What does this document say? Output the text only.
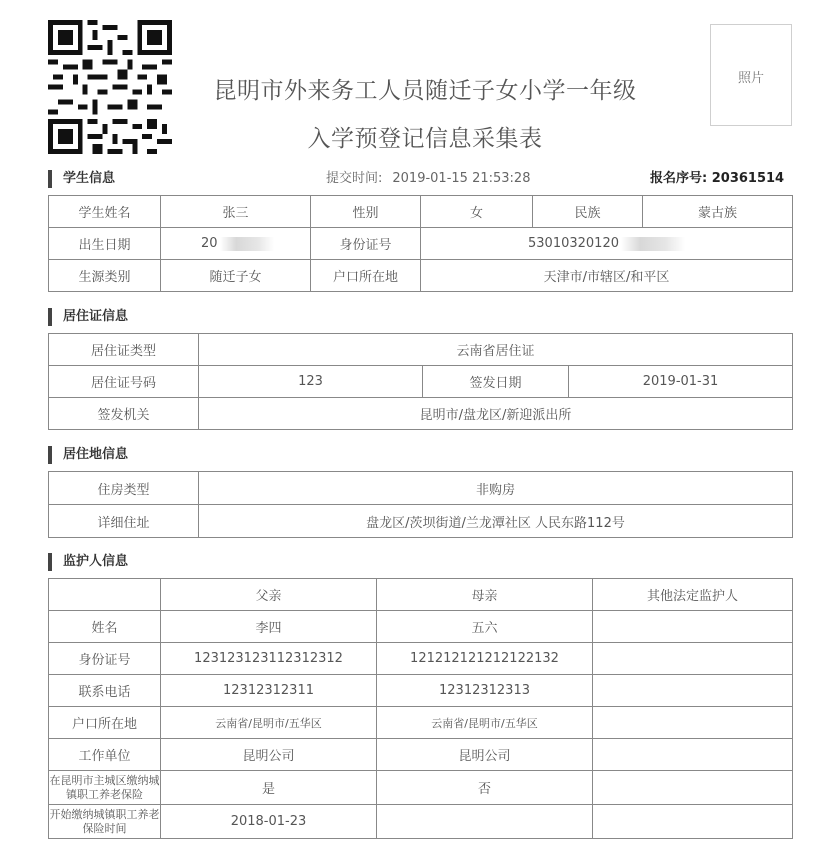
昆明市外来务工人员随迁子女小学一年级
入学预登记信息采集表
照片
学生信息	提交时间: 2019-01-15 21:53:28	报名序号: 20361514
学生姓名	张三	性别	女	民族	蒙古族
出生日期	20	身份证号	53010320120		
生源类别	随迁子女	户口所在地	天津市/市辖区/和平区		
居住证信息
居住证类型	云南省居住证		
居住证号码	123	签发日期	2019-01-31
签发机关	昆明市/盘龙区/新迎派出所		
居住地信息
住房类型	非购房
详细住址	盘龙区/茨坝街道/兰龙潭社区 人民东路112号
监护人信息
	父亲	母亲	其他法定监护人
姓名	李四	五六	
身份证号	123123123112312312	121212121212122132	
联系电话	12312312311	12312312313	
户口所在地	云南省/昆明市/五华区	云南省/昆明市/五华区	
工作单位	昆明公司	昆明公司	
在昆明市主城区缴纳城镇职工养老保险	是	否	
开始缴纳城镇职工养老保险时间	2018-01-23		
